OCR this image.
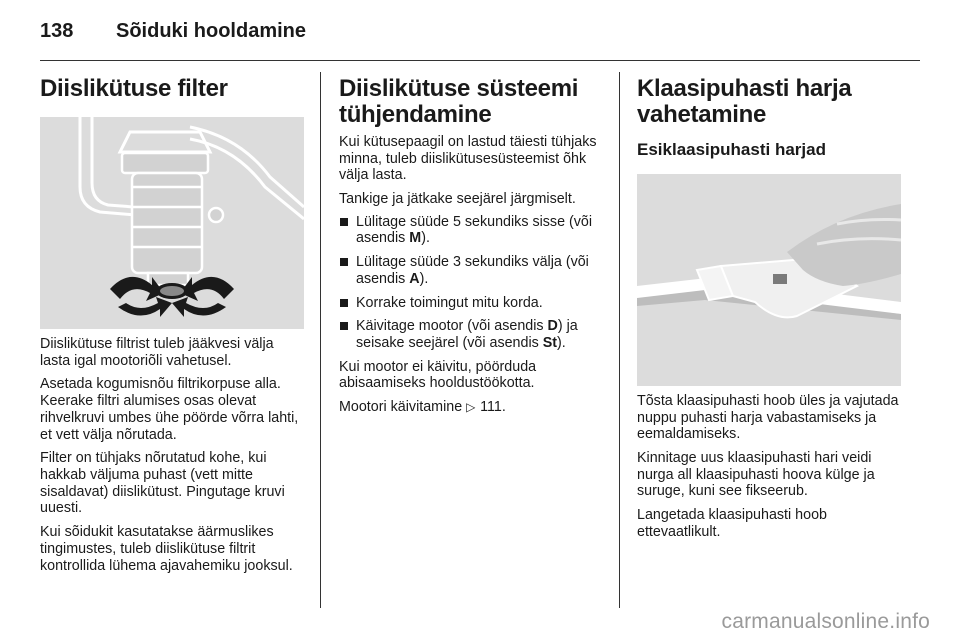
138 Sõiduki hooldamine
Diislikütuse filter

Diislikütuse filtrist tuleb jääkvesi välja lasta igal mootoriõli vahetusel.

Asetada kogumisnõu filtrikorpuse alla. Keerake filtri alumises osas olevat rihvelkruvi umbes ühe pöörde võrra lahti, et vett välja nõrutada.

Filter on tühjaks nõrutatud kohe, kui hakkab väljuma puhast (vett mitte sisaldavat) diislikütust. Pingutage kruvi uuesti.

Kui sõidukit kasutatakse äärmuslikes tingimustes, tuleb diislikütuse filtrit kontrollida lühema ajavahemiku jooksul.

Diislikütuse süsteemi tühjendamine

Kui kütusepaagil on lastud täiesti tühjaks minna, tuleb diislikütusesüsteemist õhk välja lasta.

Tankige ja jätkake seejärel järgmiselt.

Lülitage süüde 5 sekundiks sisse (või asendis M).
Lülitage süüde 3 sekundiks välja (või asendis A).
Korrake toimingut mitu korda.
Käivitage mootor (või asendis D) ja seisake seejärel (või asendis St).

Kui mootor ei käivitu, pöörduda abisaamiseks hooldustöökotta.

Mootori käivitamine ▷ 111.

Klaasipuhasti harja vahetamine
Esiklaasipuhasti harjad

Tõsta klaasipuhasti hoob üles ja vajutada nuppu puhasti harja vabastamiseks ja eemaldamiseks.

Kinnitage uus klaasipuhasti hari veidi nurga all klaasipuhasti hoova külge ja suruge, kuni see fikseerub.

Langetada klaasipuhasti hoob ettevaatlikult.

carmanualsonline.info
